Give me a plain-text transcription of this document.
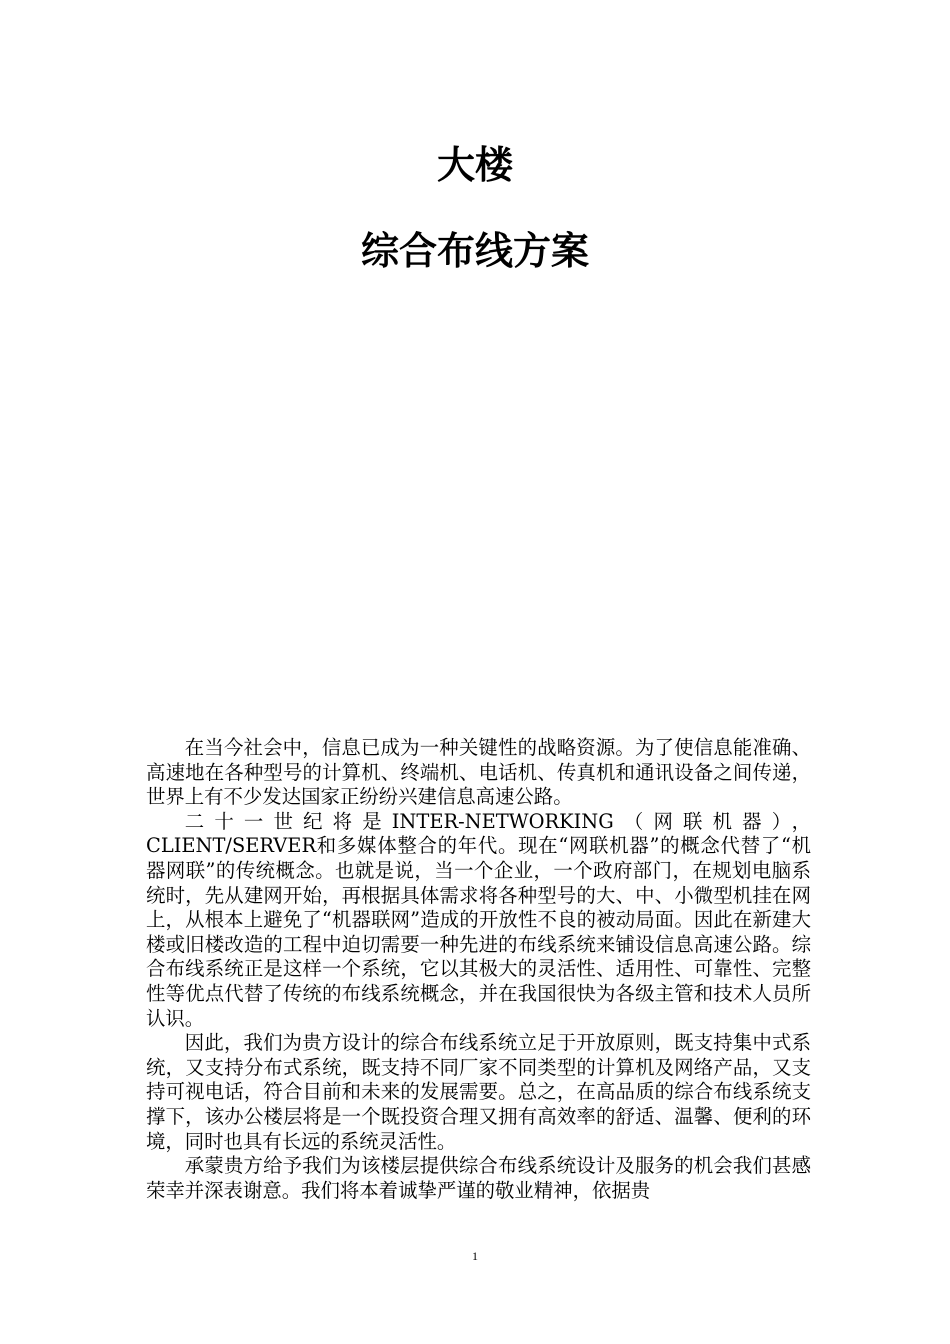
大楼
综合布线方案

在当今社会中，信息已成为一种关键性的战略资源。为了使信息能准确、高速地在各种型号的计算机、终端机、电话机、传真机和通讯设备之间传递，世界上有不少发达国家正纷纷兴建信息高速公路。

二十一世纪将是INTER-NETWORKING（网联机器），CLIENT/SERVER和多媒体整合的年代。现在“网联机器”的概念代替了“机器网联”的传统概念。也就是说，当一个企业，一个政府部门，在规划电脑系统时，先从建网开始，再根据具体需求将各种型号的大、中、小微型机挂在网上，从根本上避免了“机器联网”造成的开放性不良的被动局面。因此在新建大楼或旧楼改造的工程中迫切需要一种先进的布线系统来铺设信息高速公路。综合布线系统正是这样一个系统，它以其极大的灵活性、适用性、可靠性、完整性等优点代替了传统的布线系统概念，并在我国很快为各级主管和技术人员所认识。

因此，我们为贵方设计的综合布线系统立足于开放原则，既支持集中式系统，又支持分布式系统，既支持不同厂家不同类型的计算机及网络产品，又支持可视电话，符合目前和未来的发展需要。总之，在高品质的综合布线系统支撑下，该办公楼层将是一个既投资合理又拥有高效率的舒适、温馨、便利的环境，同时也具有长远的系统灵活性。

承蒙贵方给予我们为该楼层提供综合布线系统设计及服务的机会我们甚感荣幸并深表谢意。我们将本着诚挚严谨的敬业精神，依据贵

1
